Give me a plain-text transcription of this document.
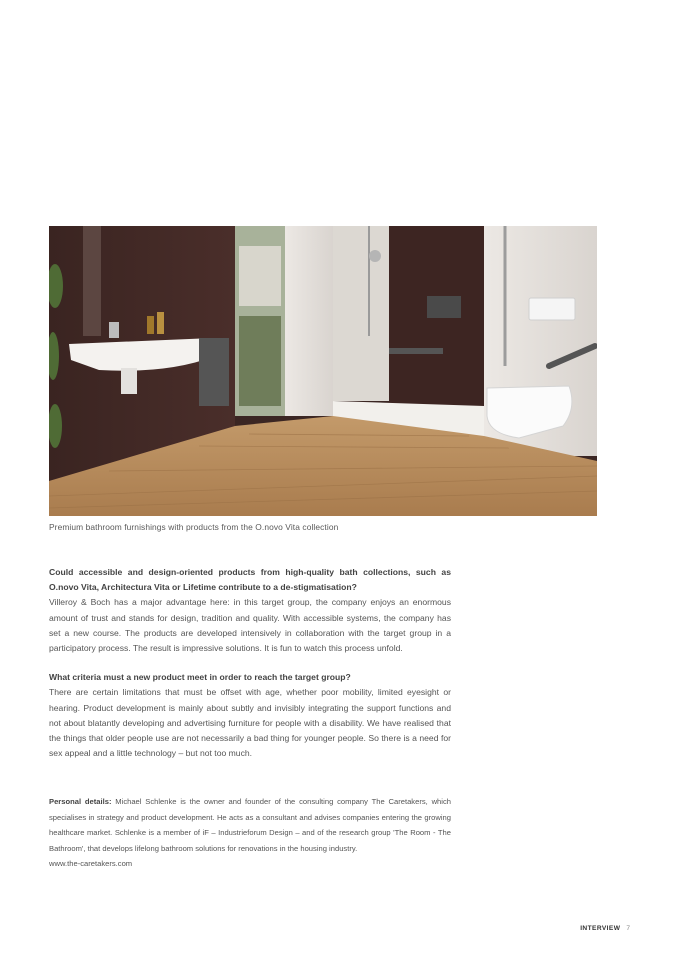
Premium bathroom furnishings with products from the O.novo Vita collection

Could accessible and design-oriented products from high-quality bath collections, such as O.novo Vita, Architectura Vita or Lifetime contribute to a de-stigmatisation?

Villeroy & Boch has a major advantage here: in this target group, the company enjoys an enormous amount of trust and stands for design, tradition and quality. With accessible systems, the company has set a new course. The products are developed intensively in collaboration with the target group in a participatory process. The result is impressive solutions. It is fun to watch this process unfold.

What criteria must a new product meet in order to reach the target group?

There are certain limitations that must be offset with age, whether poor mobility, limited eyesight or hearing. Product development is mainly about subtly and invisibly integrating the support functions and not about blatantly developing and advertising furniture for people with a disability. We have realised that the things that older people use are not necessarily a bad thing for younger people. So there is a need for sex appeal and a little technology – but not too much.

Personal details: Michael Schlenke is the owner and founder of the consulting company The Caretakers, which specialises in strategy and product development. He acts as a consultant and advises companies entering the growing healthcare market. Schlenke is a member of iF – Industrieforum Design – and of the research group 'The Room - The Bathroom', that develops lifelong bathroom solutions for renovations in the housing industry.
www.the-caretakers.com
INTERVIEW 7
